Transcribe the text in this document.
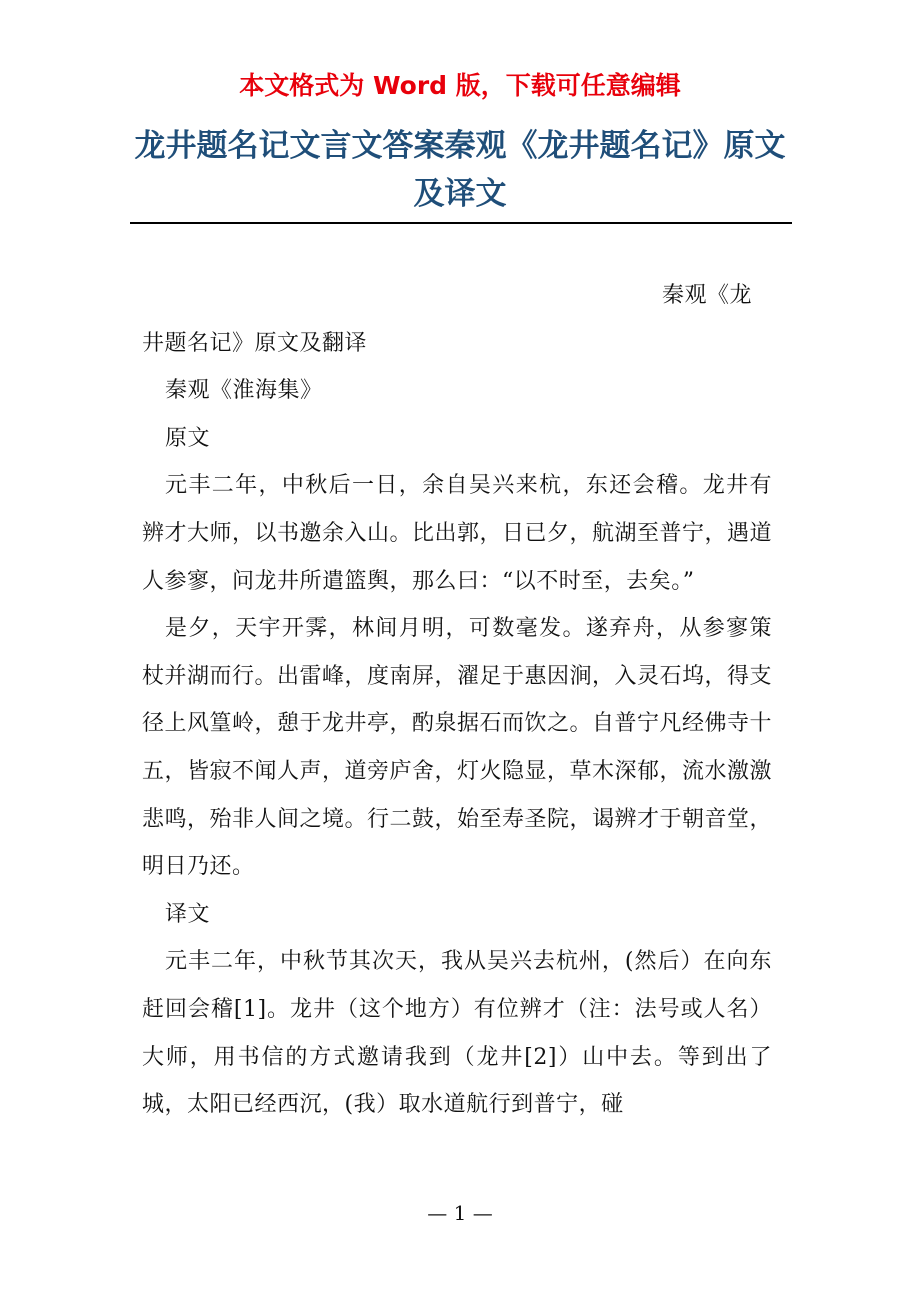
本文格式为 Word 版，下载可任意编辑
龙井题名记文言文答案秦观《龙井题名记》原文及译文

秦观《龙

井题名记》原文及翻译

秦观《淮海集》

原文

元丰二年，中秋后一日，余自吴兴来杭，东还会稽。龙井有辨才大师，以书邀余入山。比出郭，日已夕，航湖至普宁，遇道人参寥，问龙井所遣篮舆，那么曰：“以不时至，去矣。”

是夕，天宇开霁，林间月明，可数毫发。遂弃舟，从参寥策杖并湖而行。出雷峰，度南屏，濯足于惠因涧，入灵石坞，得支径上风篁岭，憩于龙井亭，酌泉据石而饮之。自普宁凡经佛寺十五，皆寂不闻人声，道旁庐舍，灯火隐显，草木深郁，流水激激悲鸣，殆非人间之境。行二鼓，始至寿圣院，谒辨才于朝音堂，明日乃还。

译文

元丰二年，中秋节其次天，我从吴兴去杭州，(然后）在向东赶回会稽[1]。龙井（这个地方）有位辨才（注：法号或人名）大师，用书信的方式邀请我到（龙井[2]）山中去。等到出了城，太阳已经西沉，(我）取水道航行到普宁，碰

— 1 —
